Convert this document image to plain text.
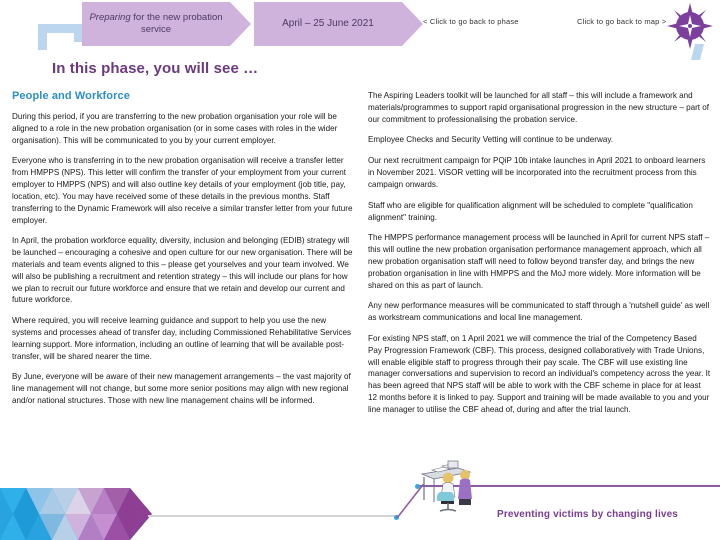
Preparing for the new probation service
April – 25 June 2021	< Click to go back to phase	Click to go back to map >
In this phase, you will see …
People and Workforce

During this period, if you are transferring to the new probation organisation your role will be aligned to a role in the new probation organisation (or in some cases with roles in the wider organisation). This will be communicated to you by your current employer.

Everyone who is transferring in to the new probation organisation will receive a transfer letter from HMPPS (NPS). This letter will confirm the transfer of your employment from your current employer to HMPPS (NPS) and will also outline key details of your employment (job title, pay, location, etc). You may have received some of these details in the previous months. Staff transferring to the Dynamic Framework will also receive a similar transfer letter from your future employer.

In April, the probation workforce equality, diversity, inclusion and belonging (EDIB) strategy will be launched – encouraging a cohesive and open culture for our new organisation. There will be materials and team events aligned to this – please get yourselves and your team involved. We will also be publishing a recruitment and retention strategy – this will include our plans for how we plan to recruit our future workforce and ensure that we retain and develop our current and future workforce.

Where required, you will receive learning guidance and support to help you use the new systems and processes ahead of transfer day, including Commissioned Rehabilitative Services learning support. More information, including an outline of learning that will be available post-transfer, will be shared nearer the time.

By June, everyone will be aware of their new management arrangements – the vast majority of line management will not change, but some more senior positions may align with new regional and/or national structures. Those with new line management chains will be informed.

The Aspiring Leaders toolkit will be launched for all staff – this will include a framework and materials/programmes to support rapid organisational progression in the new structure – part of our commitment to professionalising the probation service.

Employee Checks and Security Vetting will continue to be underway.

Our next recruitment campaign for PQiP 10b intake launches in April 2021 to onboard learners in November 2021. ViSOR vetting will be incorporated into the recruitment process from this campaign onwards.

Staff who are eligible for qualification alignment will be scheduled to complete "qualification alignment" training.

The HMPPS performance management process will be launched in April for current NPS staff – this will outline the new probation organisation performance management approach, which all new probation organisation staff will need to follow beyond transfer day, and brings the new probation organisation in line with HMPPS and the MoJ more widely. More information will be shared on this as part of launch.

Any new performance measures will be communicated to staff through a 'nutshell guide' as well as workstream communications and local line management.

For existing NPS staff, on 1 April 2021 we will commence the trial of the Competency Based Pay Progression Framework (CBF). This process, designed collaboratively with Trade Unions, will enable eligible staff to progress through their pay scale. The CBF will use existing line manager conversations and supervision to record an individual's competency across the year. It has been agreed that NPS staff will be able to work with the CBF scheme in place for at least 12 months before it is linked to pay. Support and training will be made available to you and your line manager to utilise the CBF ahead of, during and after the trial launch.

Preventing victims by changing lives
